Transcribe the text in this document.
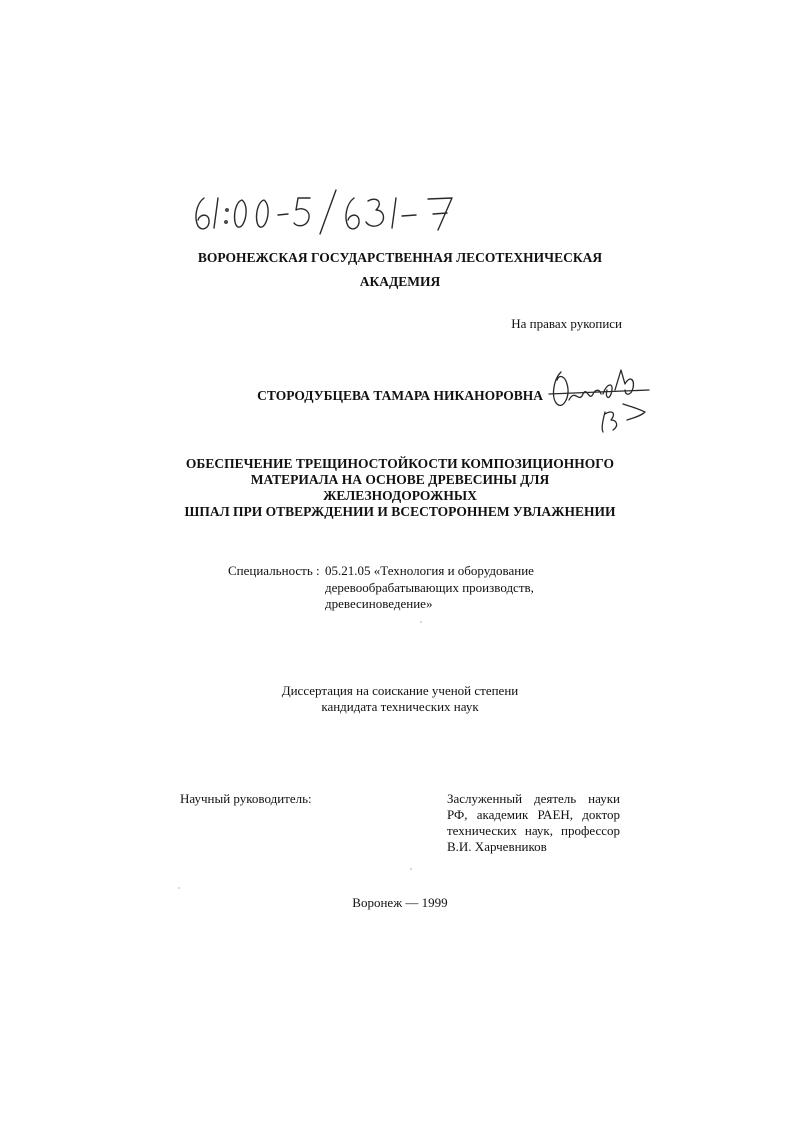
ВОРОНЕЖСКАЯ ГОСУДАРСТВЕННАЯ ЛЕСОТЕХНИЧЕСКАЯ
АКАДЕМИЯ
На правах рукописи
СТОРОДУБЦЕВА ТАМАРА НИКАНОРОВНА
ОБЕСПЕЧЕНИЕ ТРЕЩИНОСТОЙКОСТИ КОМПОЗИЦИОННОГО
МАТЕРИАЛА НА ОСНОВЕ ДРЕВЕСИНЫ ДЛЯ
ЖЕЛЕЗНОДОРОЖНЫХ
ШПАЛ ПРИ ОТВЕРЖДЕНИИ И ВСЕСТОРОННЕМ УВЛАЖНЕНИИ
Специальность : 05.21.05 «Технология и оборудование
деревообрабатывающих производств,
древесиноведение»
Диссертация на соискание ученой степени
кандидата технических наук
Научный руководитель:	Заслуженный деятель науки
РФ, академик РАЕН, доктор
технических наук, профессор
В.И. Харчевников
Воронеж — 1999
